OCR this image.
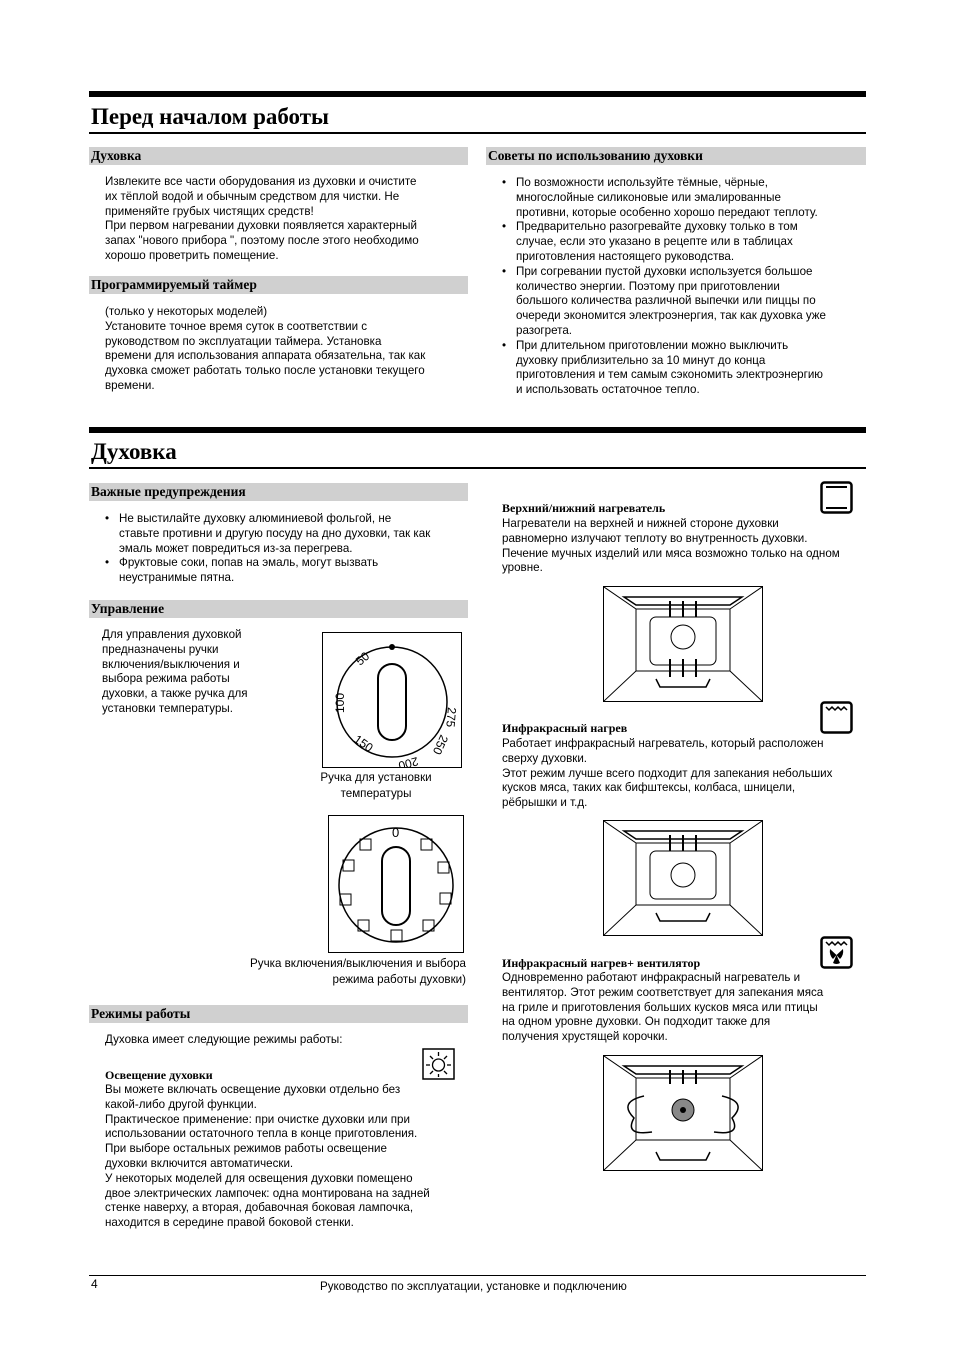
Перед началом работы
Духовка
Извлеките все части оборудования из духовки и очистите
их тёплой водой и обычным средством для чистки. Не
применяйте грубых чистящих средств!
При первом нагревании духовки появляется характерный
запах "нового прибора ", поэтому после этого необходимо
хорошо проветрить помещение.
Программируемый таймер
(только у некоторых моделей)
Установите точное время суток в соответствии с
руководством по эксплуатации таймера. Установка
времени для использования аппарата обязательна, так как
духовка сможет работать только после установки текущего
времени.
Советы по использованию духовки
• По возможности используйте тёмные, чёрные,
многослойные силиконовые или эмалированные
противни, которые особенно хорошо передают теплоту.
• Предварительно разогревайте духовку только в том
случае, если это указано в рецепте или в таблицах
приготовления настоящего руководства.
• При согревании пустой духовки используется большое
количество энергии. Поэтому при приготовлении
большого количества различной выпечки или пиццы по
очереди экономится электроэнергия, так как духовка уже
разогрета.
• При длительном приготовлении можно выключить
духовку приблизительно за 10 минут до конца
приготовления и тем самым сэкономить электроэнергию
и использовать остаточное тепло.
Духовка
Важные предупреждения
• Не выстилайте духовку алюминиевой фольгой, не
ставьте противни и другую посуду на дно духовки, так как
эмаль может повредиться из-за перегрева.
• Фруктовые соки, попав на эмаль, могут вызвать
неустранимые пятна.
Управление
Для управления духовкой
предназначены ручки
включения/выключения и
выбора режима работы
духовки, а также ручка для
установки температуры.
50
100
150
200
250
275
Ручка для установки
температуры
0
Ручка включения/выключения и выбора
режима работы духовки)
Режимы работы
Духовка имеет следующие режимы работы:
Освещение духовки
Вы можете включать освещение духовки отдельно без
какой-либо другой функции.
Практическое применение: при очистке духовки или при
использовании остаточного тепла в конце приготовления.
При выборе остальных режимов работы освещение
духовки включится автоматически.
У некоторых моделей для освещения духовки помещено
двое электрических лампочек: одна монтирована на задней
стенке наверху, а вторая, добавочная боковая лампочка,
находится в середине правой боковой стенки.
Верхний/нижний нагреватель
Нагреватели на верхней и нижней стороне духовки
равномерно излучают теплоту во внутренность духовки.
Печение мучных изделий или мяса возможно только на одном
уровне.
Инфракрасный нагрев
Работает инфракрасный нагреватель, который расположен
сверху духовки.
Этот режим лучше всего подходит для запекания небольших
кусков мяса, таких как бифштексы, колбаса, шницели,
рёбрышки и т.д.
Инфракрасный нагрев+ вентилятор
Одновременно работают инфракрасный нагреватель и
вентилятор. Этот режим соответствует для запекания мяса
на гриле и приготовления больших кусков мяса или птицы
на одном уровне духовки. Он подходит также для
получения хрустящей корочки.
4	Руководство по эксплуатации, установке и подключению
